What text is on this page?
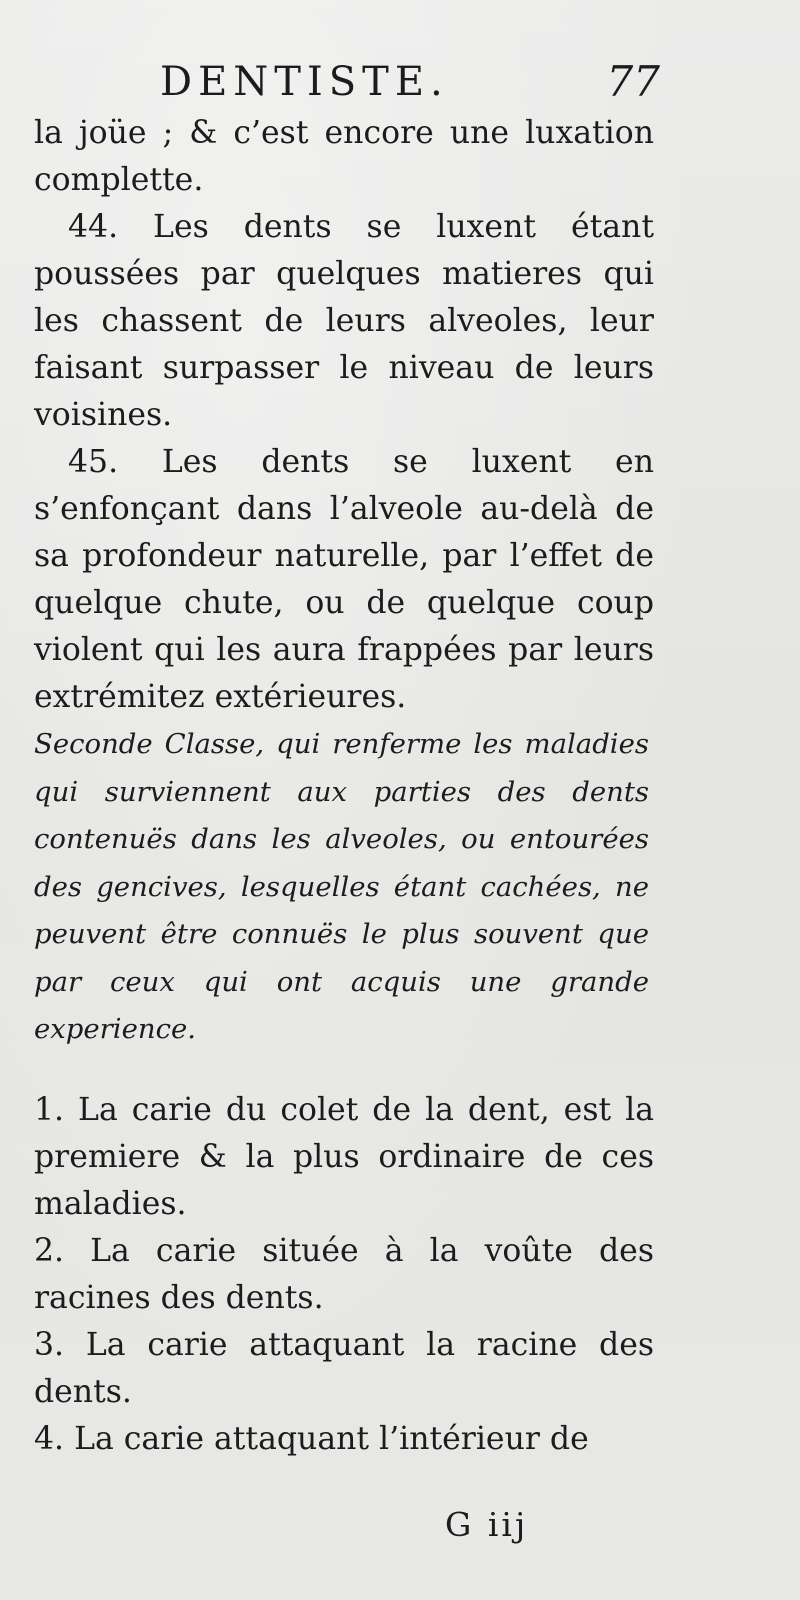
DENTISTE.	77

la joüe ; & c’est encore une luxation complette.

44. Les dents se luxent étant poussées par quelques matieres qui les chassent de leurs alveoles, leur faisant surpasser le niveau de leurs voisines.

45. Les dents se luxent en s’enfonçant dans l’alveole au-delà de sa profondeur naturelle, par l’effet de quelque chute, ou de quelque coup violent qui les aura frappées par leurs extrémitez extérieures.

Seconde Classe, qui renferme les maladies qui surviennent aux parties des dents contenuës dans les alveoles, ou entourées des gencives, lesquelles étant cachées, ne peuvent être connuës le plus souvent que par ceux qui ont acquis une grande experience.

1. La carie du colet de la dent, est la premiere & la plus ordinaire de ces maladies.

2. La carie située à la voûte des racines des dents.

3. La carie attaquant la racine des dents.

4. La carie attaquant l’intérieur de

G iij
